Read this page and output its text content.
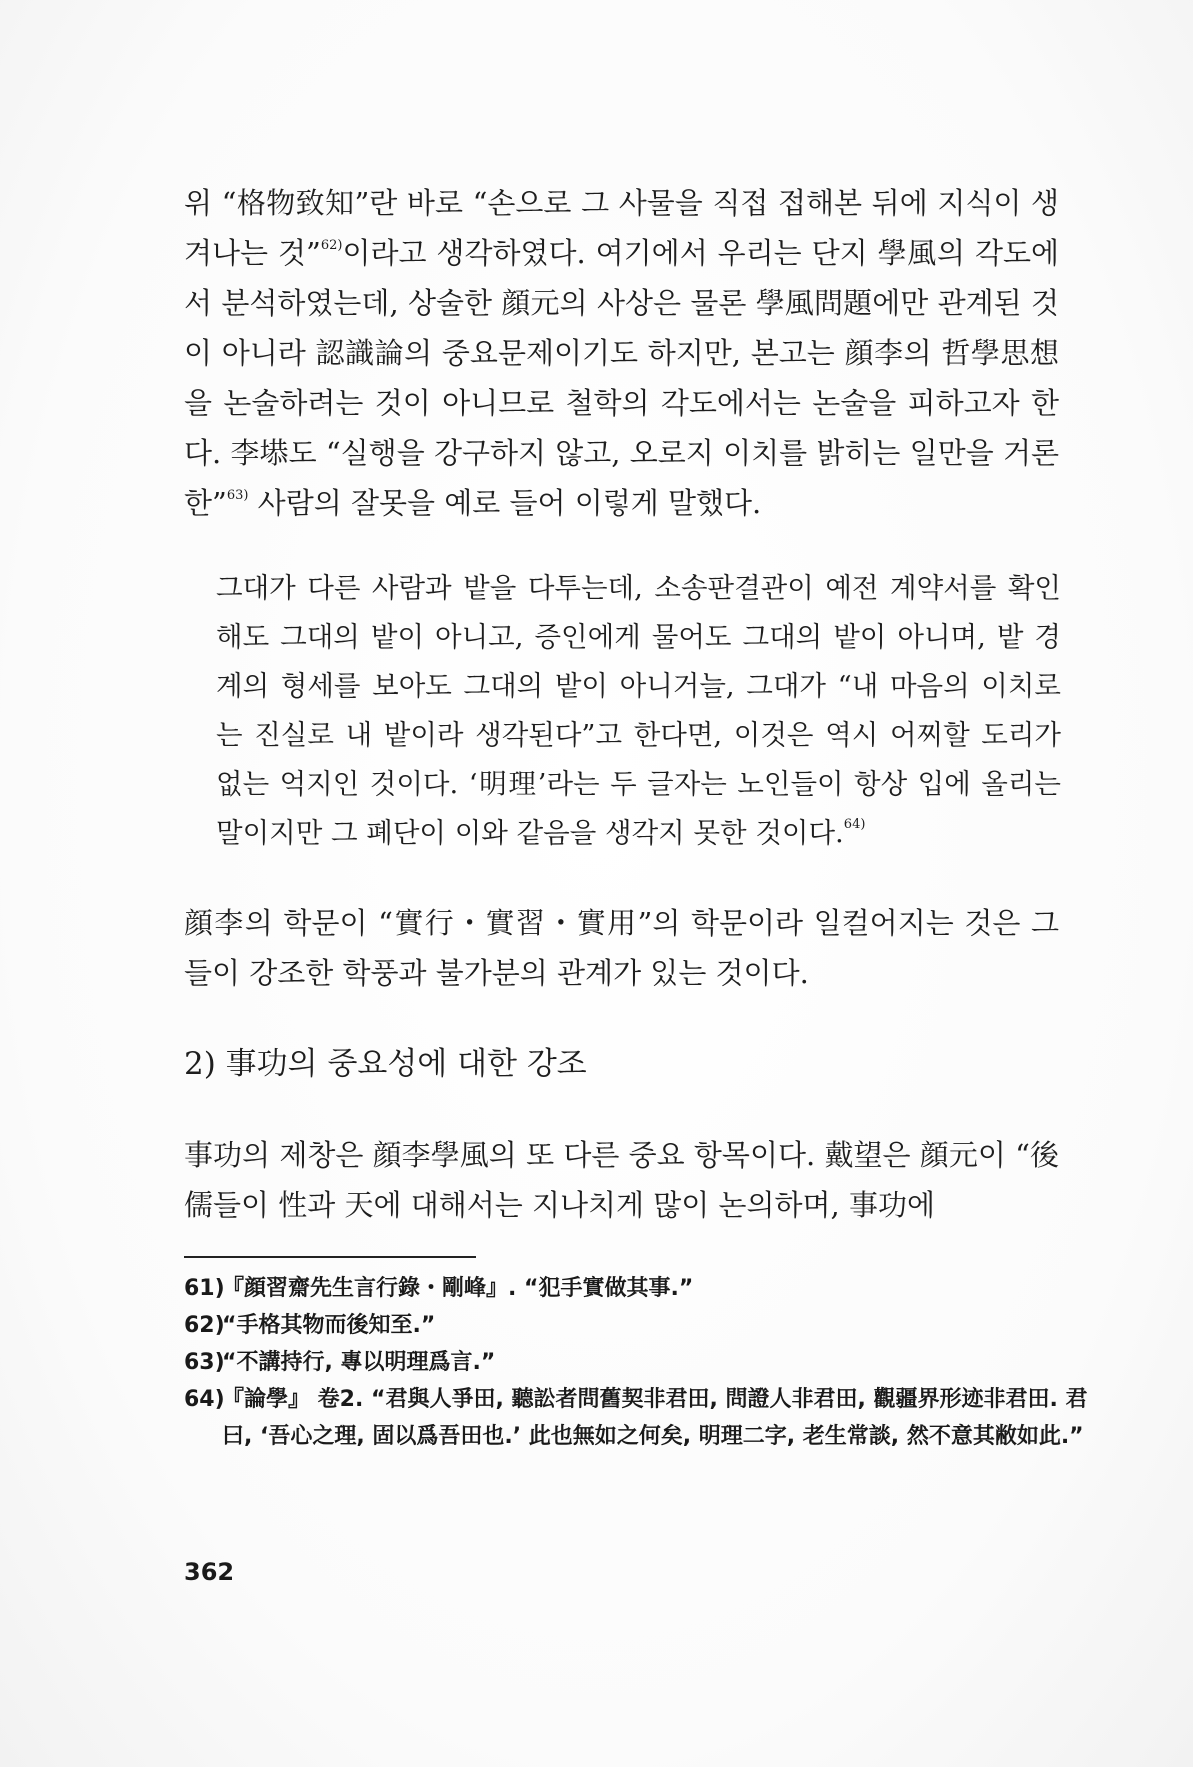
위 “格物致知”란 바로 “손으로 그 사물을 직접 접해본 뒤에 지식이 생겨나는 것”$^{62)}$이라고 생각하였다. 여기에서 우리는 단지 學風의 각도에서 분석하였는데, 상술한 顔元의 사상은 물론 學風問題에만 관계된 것이 아니라 認識論의 중요문제이기도 하지만, 본고는 顔李의 哲學思想을 논술하려는 것이 아니므로 철학의 각도에서는 논술을 피하고자 한다. 李塨도 “실행을 강구하지 않고, 오로지 이치를 밝히는 일만을 거론한”$^{63)}$ 사람의 잘못을 예로 들어 이렇게 말했다.

그대가 다른 사람과 밭을 다투는데, 소송판결관이 예전 계약서를 확인해도 그대의 밭이 아니고, 증인에게 물어도 그대의 밭이 아니며, 밭 경계의 형세를 보아도 그대의 밭이 아니거늘, 그대가 “내 마음의 이치로는 진실로 내 밭이라 생각된다”고 한다면, 이것은 역시 어찌할 도리가 없는 억지인 것이다. ‘明理’라는 두 글자는 노인들이 항상 입에 올리는 말이지만 그 폐단이 이와 같음을 생각지 못한 것이다.$^{64)}$

顔李의 학문이 “實行・實習・實用”의 학문이라 일컬어지는 것은 그들이 강조한 학풍과 불가분의 관계가 있는 것이다.

2) 事功의 중요성에 대한 강조

事功의 제창은 顔李學風의 또 다른 중요 항목이다. 戴望은 顔元이 “後儒들이 性과 天에 대해서는 지나치게 많이 논의하며, 事功에

61)『顔習齋先生言行錄・剛峰』. “犯手實做其事.”

62)“手格其物而後知至.”

63)“不講持行, 專以明理爲言.”

64)『論學』 卷2. “君與人爭田, 聽訟者問舊契非君田, 問證人非君田, 觀疆界形迹非君田. 君曰, ‘吾心之理, 固以爲吾田也.’ 此也無如之何矣, 明理二字, 老生常談, 然不意其敝如此.”

362
